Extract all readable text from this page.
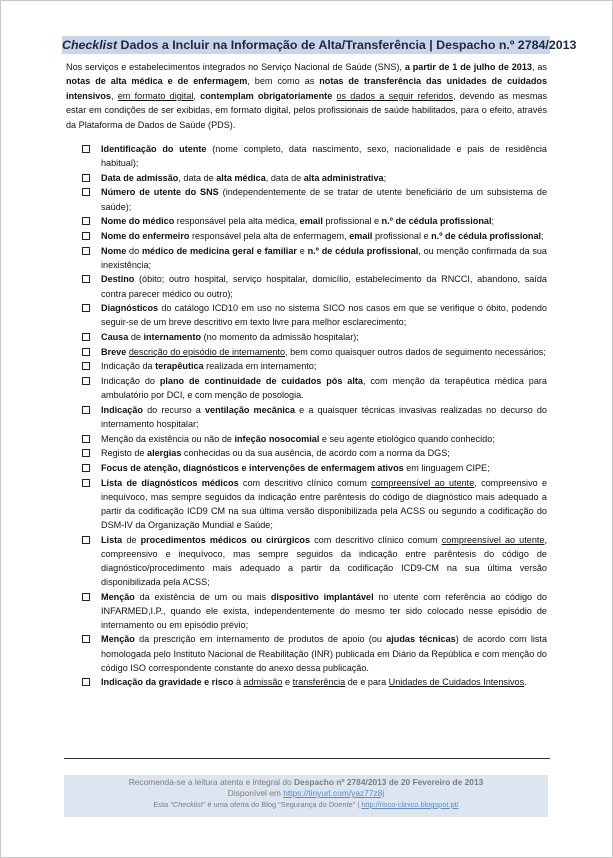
Checklist Dados a Incluir na Informação de Alta/Transferência | Despacho n.º 2784/2013
Nos serviços e estabelecimentos integrados no Serviço Nacional de Saúde (SNS), a partir de 1 de julho de 2013, as notas de alta médica e de enfermagem, bem como as notas de transferência das unidades de cuidados intensivos, em formato digital, contemplam obrigatoriamente os dados a seguir referidos, devendo as mesmas estar em condições de ser exibidas, em formato digital, pelos profissionais de saúde habilitados, para o efeito, através da Plataforma de Dados de Saúde (PDS).
Identificação do utente (nome completo, data nascimento, sexo, nacionalidade e pais de residência habitual);
Data de admissão, data de alta médica, data de alta administrativa;
Número de utente do SNS (independentemente de se tratar de utente beneficiário de um subsistema de saúde);
Nome do médico responsável pela alta médica, email profissional e n.º de cédula profissional;
Nome do enfermeiro responsável pela alta de enfermagem, email profissional e n.º de cédula profissional;
Nome do médico de medicina geral e familiar e n.º de cédula profissional, ou menção confirmada da sua inexistência;
Destino (óbito; outro hospital, serviço hospitalar, domicílio, estabelecimento da RNCCI, abandono, saída contra parecer médico ou outro);
Diagnósticos do catálogo ICD10 em uso no sistema SICO nos casos em que se verifique o óbito, podendo seguir-se de um breve descritivo em texto livre para melhor esclarecimento;
Causa de internamento (no momento da admissão hospitalar);
Breve descrição do episódio de internamento, bem como quaisquer outros dados de seguimento necessários;
Indicação da terapêutica realizada em internamento;
Indicação do plano de continuidade de cuidados pós alta, com menção da terapêutica médica para ambulatório por DCI, e com menção de posologia.
Indicação do recurso a ventilação mecânica e a quaisquer técnicas invasivas realizadas no decurso do internamento hospitalar;
Menção da existência ou não de infeção nosocomial e seu agente etiológico quando conhecido;
Registo de alergias conhecidas ou da sua ausência, de acordo com a norma da DGS;
Focus de atenção, diagnósticos e intervenções de enfermagem ativos em linguagem CIPE;
Lista de diagnósticos médicos com descritivo clínico comum compreensível ao utente, compreensivo e inequívoco, mas sempre seguidos da indicação entre parêntesis do código de diagnóstico mais adequado a partir da codificação ICD9 CM na sua última versão disponibilizada pela ACSS ou segundo a codificação do DSM-IV da Organização Mundial e Saúde;
Lista de procedimentos médicos ou cirúrgicos com descritivo clínico comum compreensível ao utente, compreensivo e inequívoco, mas sempre seguidos da indicação entre parêntesis do código de diagnóstico/procedimento mais adequado a partir da codificação ICD9-CM na sua última versão disponibilizada pela ACSS;
Menção da existência de um ou mais dispositivo implantável no utente com referência ao código do INFARMED,I.P., quando ele exista, independentemente do mesmo ter sido colocado nesse episódio de internamento ou em episódio prévio;
Menção da prescrição em internamento de produtos de apoio (ou ajudas técnicas) de acordo com lista homologada pelo Instituto Nacional de Reabilitação (INR) publicada em Diário da República e com menção do código ISO correspondente constante do anexo dessa publicação.
Indicação da gravidade e risco à admissão e transferência de e para Unidades de Cuidados Intensivos.
Recomenda-se a leitura atenta e integral do Despacho nº 2784/2013 de 20 Fevereiro de 2013
Disponível em https://tinyurl.com/yaz77z8j
Esta "Checklist" é uma oferta do Blog "Segurança do Doente" | http://risco-clinico.blogspot.pt/
